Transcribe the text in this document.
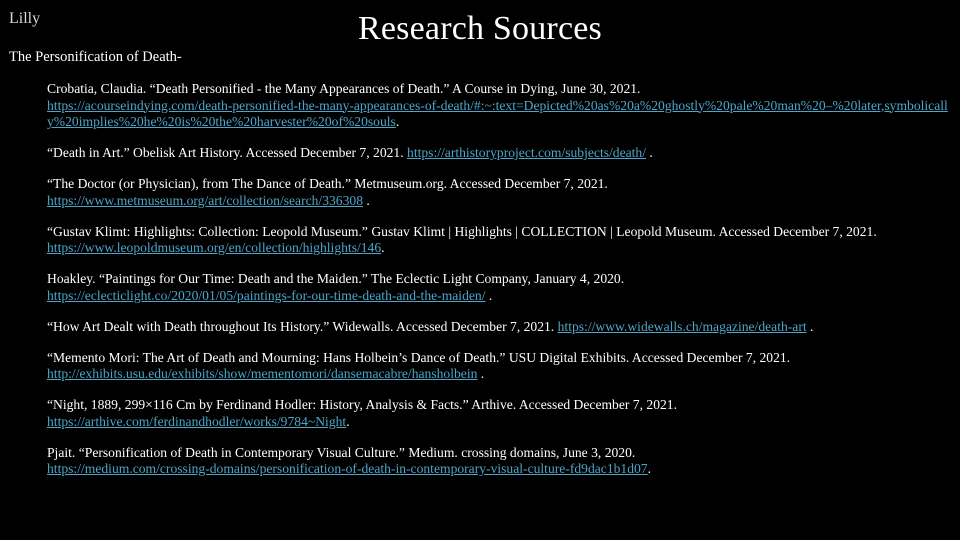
Lilly	Research Sources
The Personification of Death-
Crobatia, Claudia. “Death Personified - the Many Appearances of Death.” A Course in Dying, June 30, 2021.
https://acourseindying.com/death-personified-the-many-appearances-of-death/#:~:text=Depicted%20as%20a%20ghostly%20pale%20man%20–%20later,symbolically%20implies%20he%20is%20the%20harvester%20of%20souls.
“Death in Art.” Obelisk Art History. Accessed December 7, 2021. https://arthistoryproject.com/subjects/death/ .
“The Doctor (or Physician), from The Dance of Death.” Metmuseum.org. Accessed December 7, 2021.
https://www.metmuseum.org/art/collection/search/336308 .
“Gustav Klimt: Highlights: Collection: Leopold Museum.” Gustav Klimt | Highlights | COLLECTION | Leopold Museum. Accessed December 7, 2021.
https://www.leopoldmuseum.org/en/collection/highlights/146.
Hoakley. “Paintings for Our Time: Death and the Maiden.” The Eclectic Light Company, January 4, 2020.
https://eclecticlight.co/2020/01/05/paintings-for-our-time-death-and-the-maiden/ .
“How Art Dealt with Death throughout Its History.” Widewalls. Accessed December 7, 2021. https://www.widewalls.ch/magazine/death-art .
“Memento Mori: The Art of Death and Mourning: Hans Holbein’s Dance of Death.” USU Digital Exhibits. Accessed December 7, 2021.
http://exhibits.usu.edu/exhibits/show/mementomori/dansemacabre/hansholbein .
“Night, 1889, 299×116 Cm by Ferdinand Hodler: History, Analysis & Facts.” Arthive. Accessed December 7, 2021.
https://arthive.com/ferdinandhodler/works/9784~Night.
Pjait. “Personification of Death in Contemporary Visual Culture.” Medium. crossing domains, June 3, 2020.
https://medium.com/crossing-domains/personification-of-death-in-contemporary-visual-culture-fd9dac1b1d07.
